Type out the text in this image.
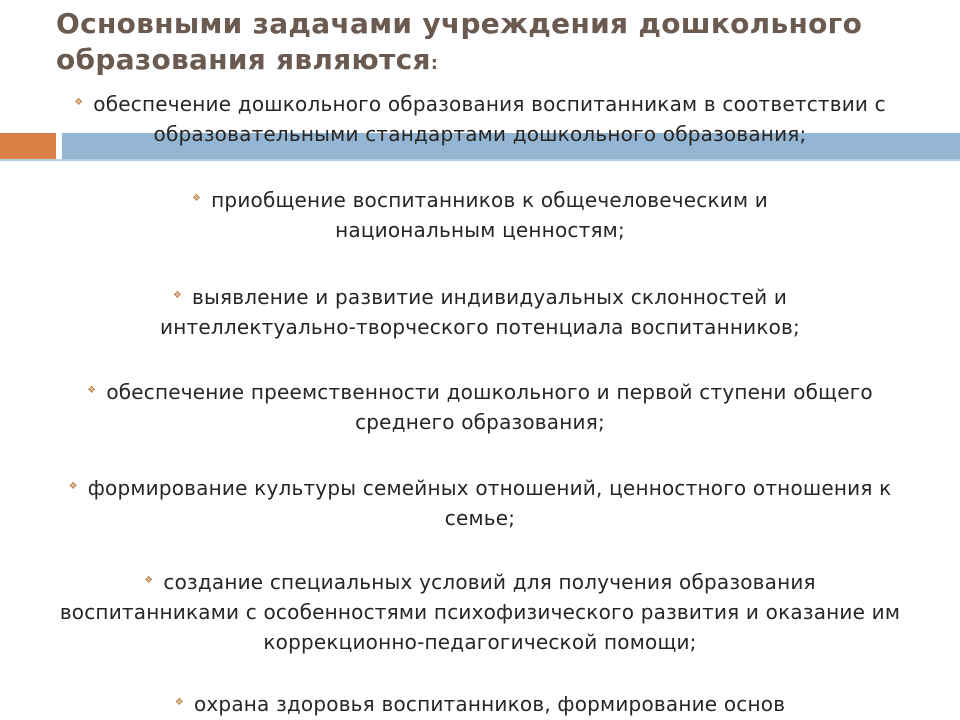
Основными задачами учреждения дошкольного образования являются:
❖ обеспечение дошкольного образования воспитанникам в соответствии с образовательными стандартами дошкольного образования;
❖ приобщение воспитанников к общечеловеческим и национальным ценностям;
❖ выявление и развитие индивидуальных склонностей и интеллектуально-творческого потенциала воспитанников;
❖ обеспечение преемственности дошкольного и первой ступени общего среднего образования;
❖ формирование культуры семейных отношений, ценностного отношения к семье;
❖ создание специальных условий для получения образования воспитанниками с особенностями психофизического развития и оказание им коррекционно-педагогической помощи;
❖ охрана здоровья воспитанников, формирование основ
